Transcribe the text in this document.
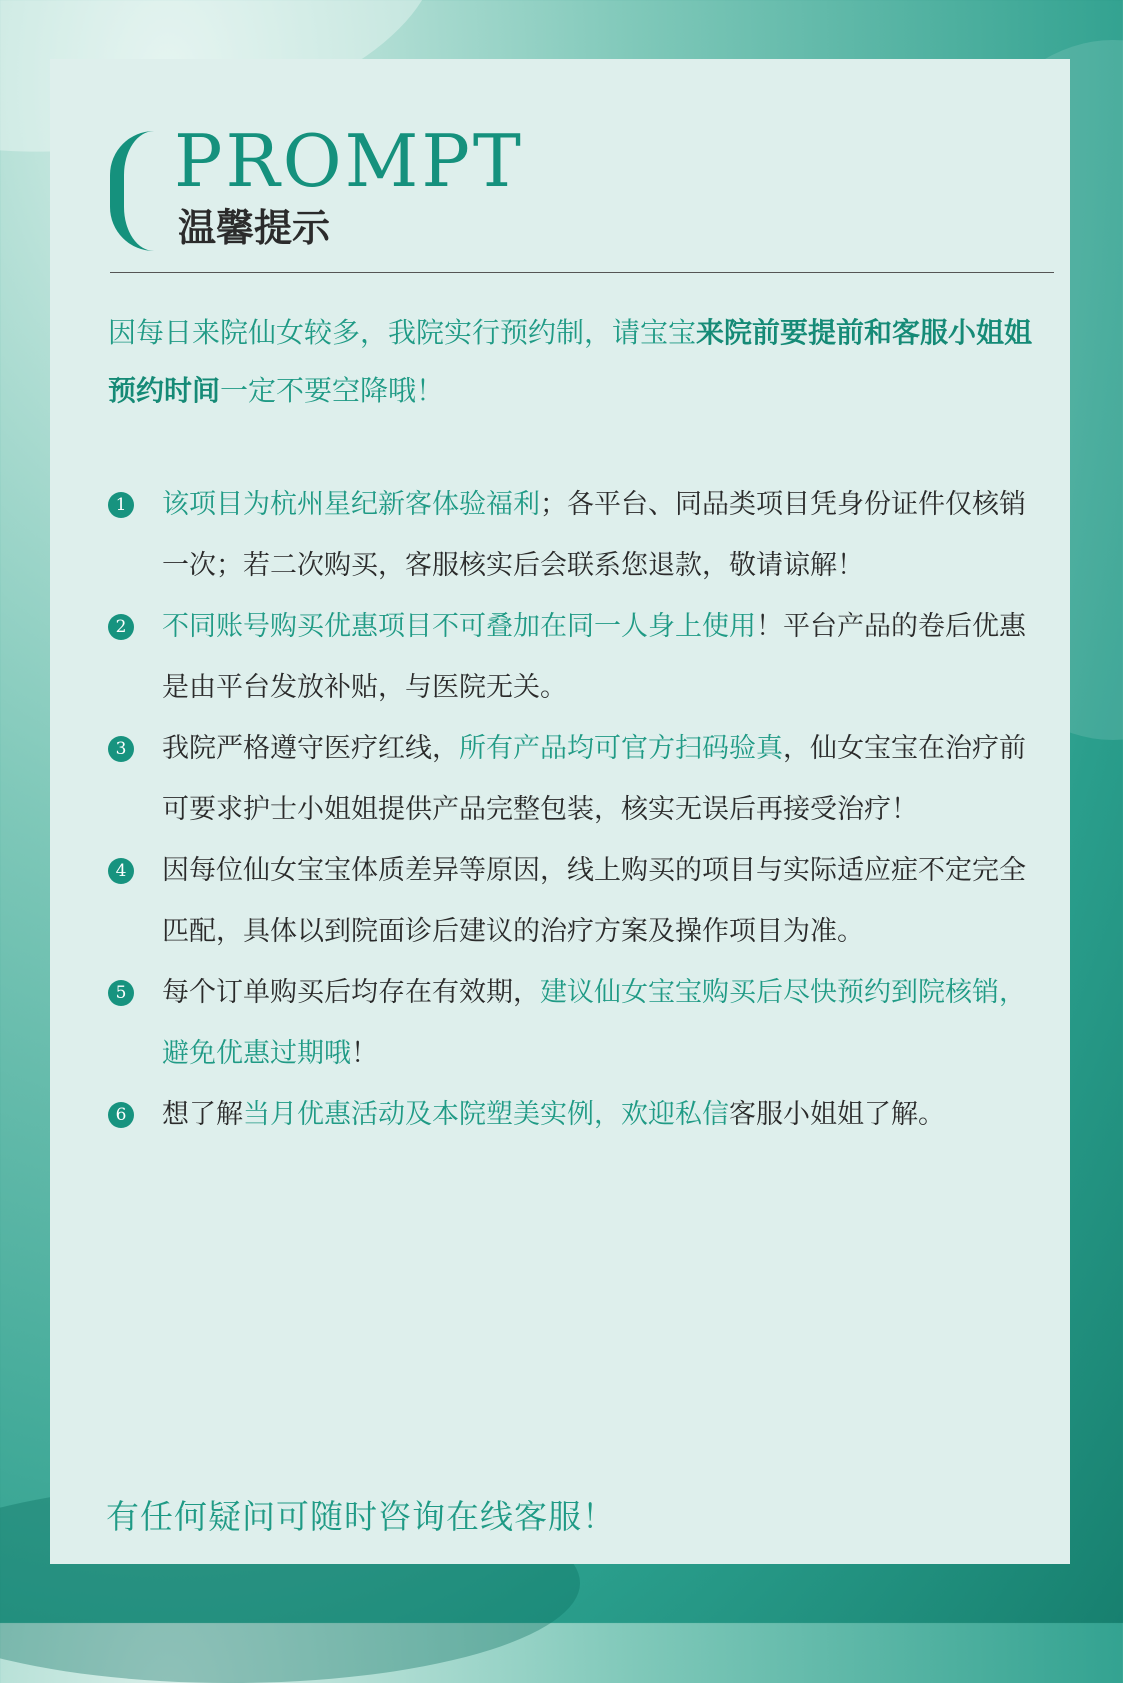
PROMPT
温馨提示

因每日来院仙女较多，我院实行预约制，请宝宝来院前要提前和客服小姐姐预约时间一定不要空降哦！

1 该项目为杭州星纪新客体验福利；各平台、同品类项目凭身份证件仅核销一次；若二次购买，客服核实后会联系您退款，敬请谅解！

2 不同账号购买优惠项目不可叠加在同一人身上使用！平台产品的卷后优惠是由平台发放补贴，与医院无关。

3 我院严格遵守医疗红线，所有产品均可官方扫码验真，仙女宝宝在治疗前可要求护士小姐姐提供产品完整包装，核实无误后再接受治疗！

4 因每位仙女宝宝体质差异等原因，线上购买的项目与实际适应症不定完全匹配，具体以到院面诊后建议的治疗方案及操作项目为准。

5 每个订单购买后均存在有效期，建议仙女宝宝购买后尽快预约到院核销，避免优惠过期哦！

6 想了解当月优惠活动及本院塑美实例，欢迎私信客服小姐姐了解。

有任何疑问可随时咨询在线客服！
